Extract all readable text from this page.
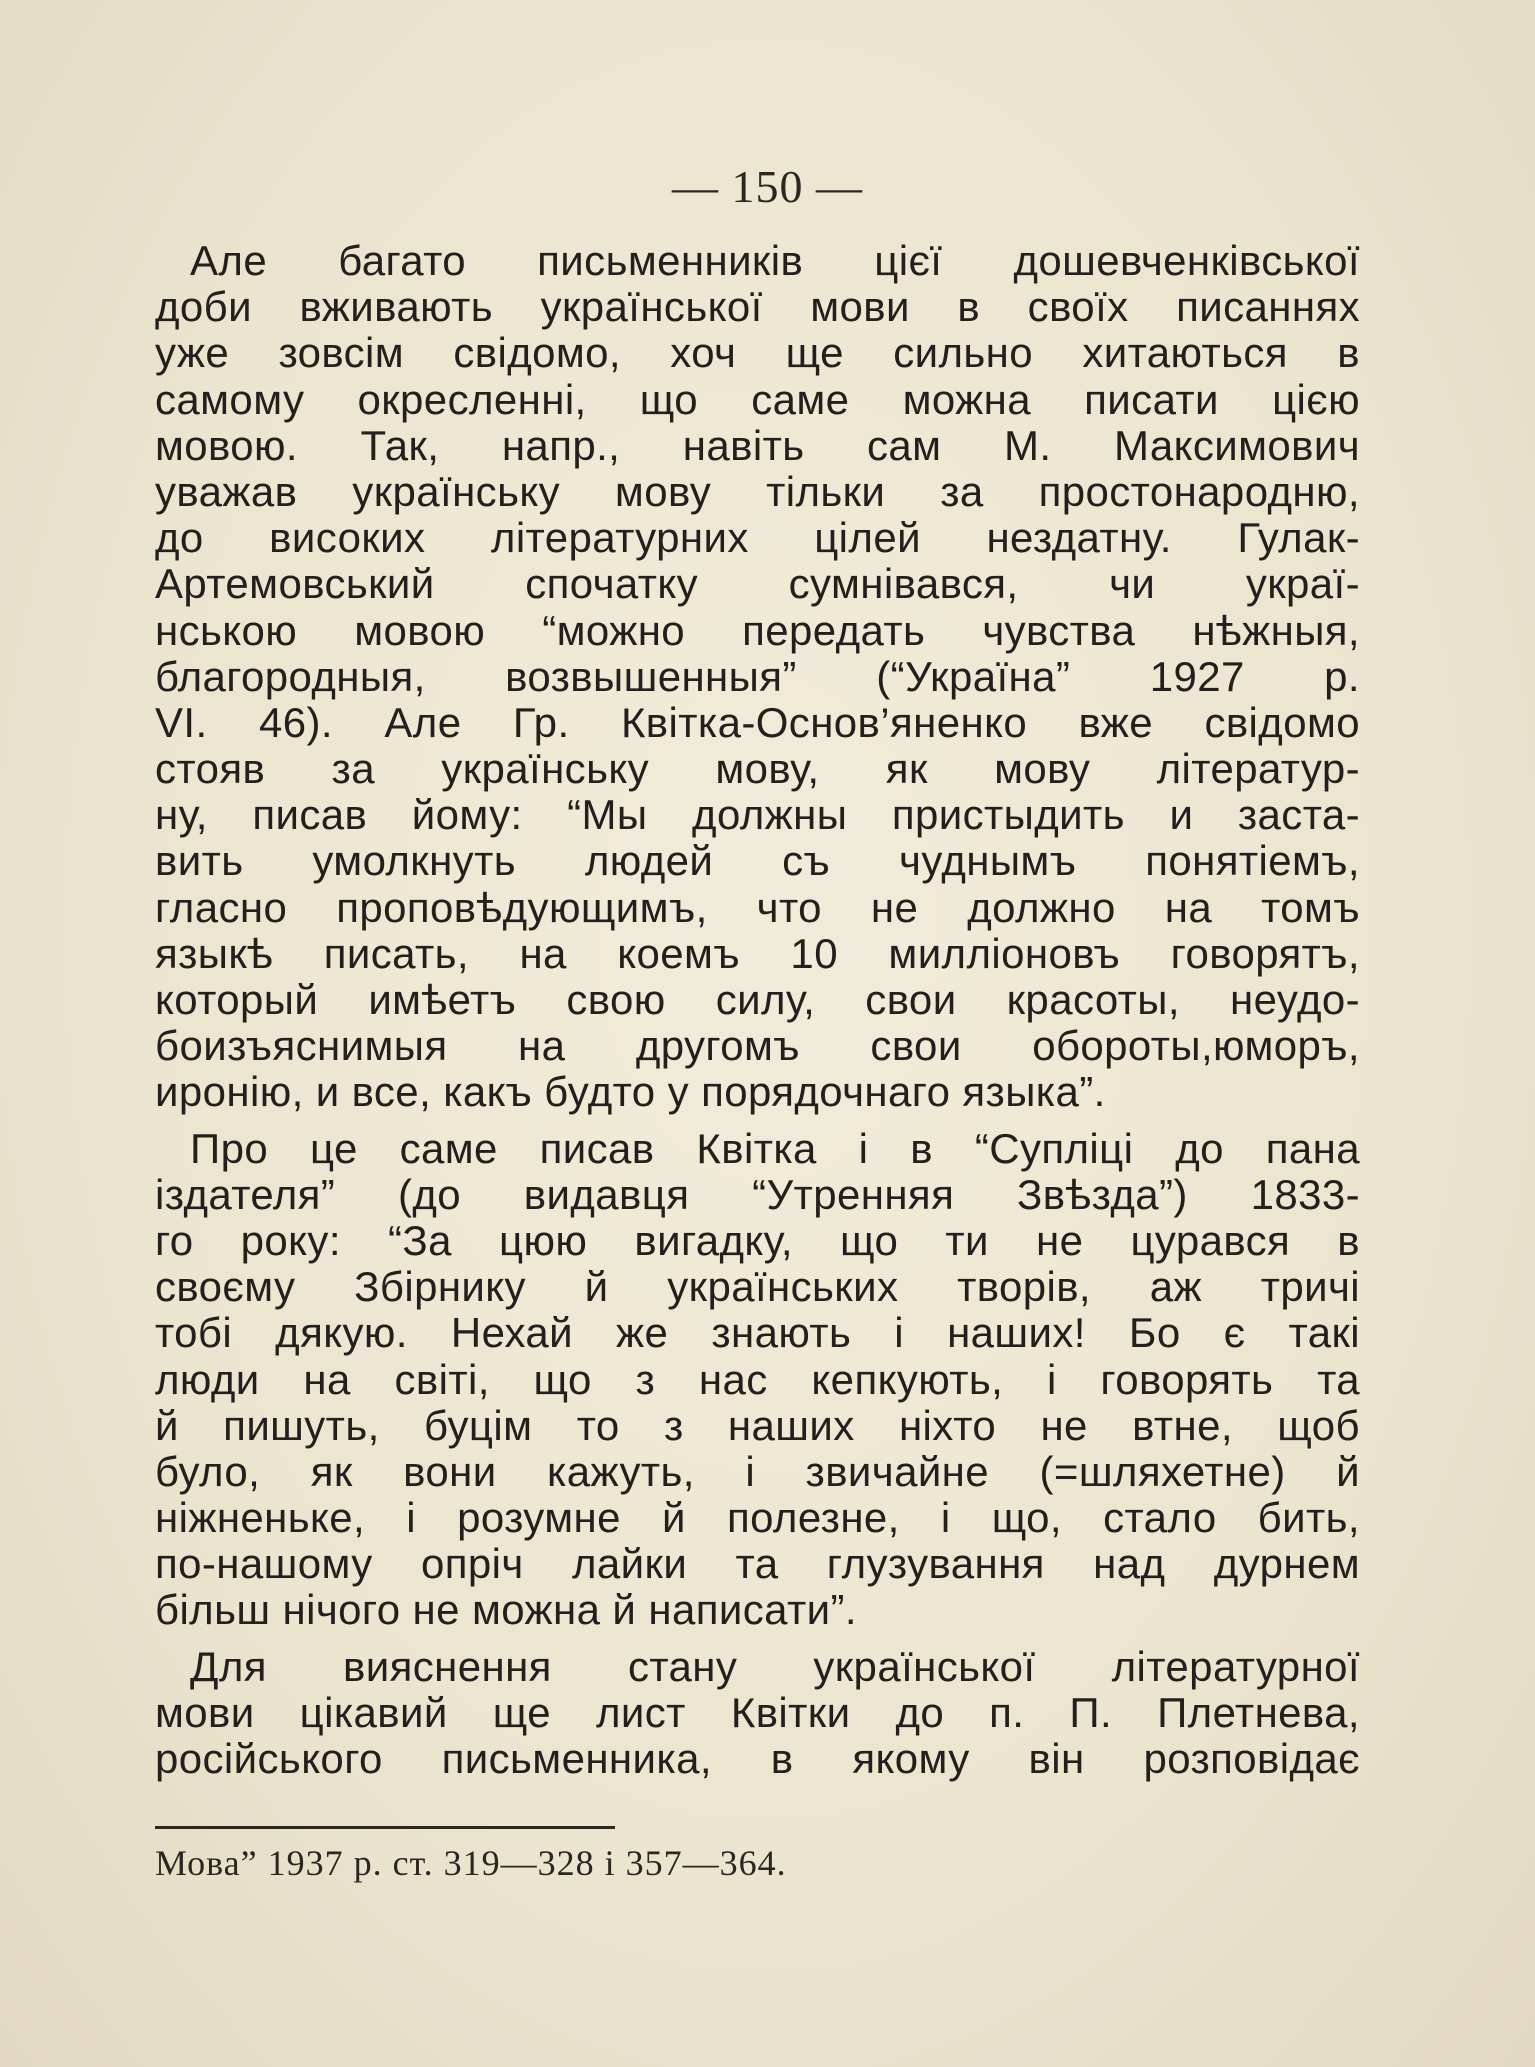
— 150 —
Але багато письменників цієї дошевченківської
доби вживають української мови в своїх писаннях
уже зовсім свідомо, хоч ще сильно хитаються в
самому окресленні, що саме можна писати цією
мовою. Так, напр., навіть сам М. Максимович
уважав українську мову тільки за простонародню,
до високих літературних цілей нездатну. Гулак-
Артемовський спочатку сумнівався, чи украї-
нською мовою “можно передать чувства нѣжныя,
благородныя, возвышенныя” (“Україна” 1927 р.
VI. 46). Але Гр. Квітка-Основ’яненко вже свідомо
стояв за українську мову, як мову літератур-
ну, писав йому: “Мы должны пристыдить и заста-
вить умолкнуть людей съ чуднымъ понятіемъ,
гласно проповѣдующимъ, что не должно на томъ
языкѣ писать, на коемъ 10 милліоновъ говорятъ,
который имѣетъ свою силу, свои красоты, неудо-
боизъяснимыя на другомъ свои обороты,юморъ,
иронію, и все, какъ будто у порядочнаго языка”.
Про це саме писав Квітка і в “Супліці до пана
іздателя” (до видавця “Утренняя Звѣзда”) 1833-
го року: “За цюю вигадку, що ти не цурався в
своєму Збірнику й українських творів, аж тричі
тобі дякую. Нехай же знають і наших! Бо є такі
люди на світі, що з нас кепкують, і говорять та
й пишуть, буцім то з наших ніхто не втне, щоб
було, як вони кажуть, і звичайне (=шляхетне) й
ніжненьке, і розумне й полезне, і що, стало бить,
по-нашому опріч лайки та глузування над дурнем
більш нічого не можна й написати”.
Для вияснення стану української літературної
мови цікавий ще лист Квітки до п. П. Плетнева,
російського письменника, в якому він розповідає
Мова” 1937 р. ст. 319—328 і 357—364.
